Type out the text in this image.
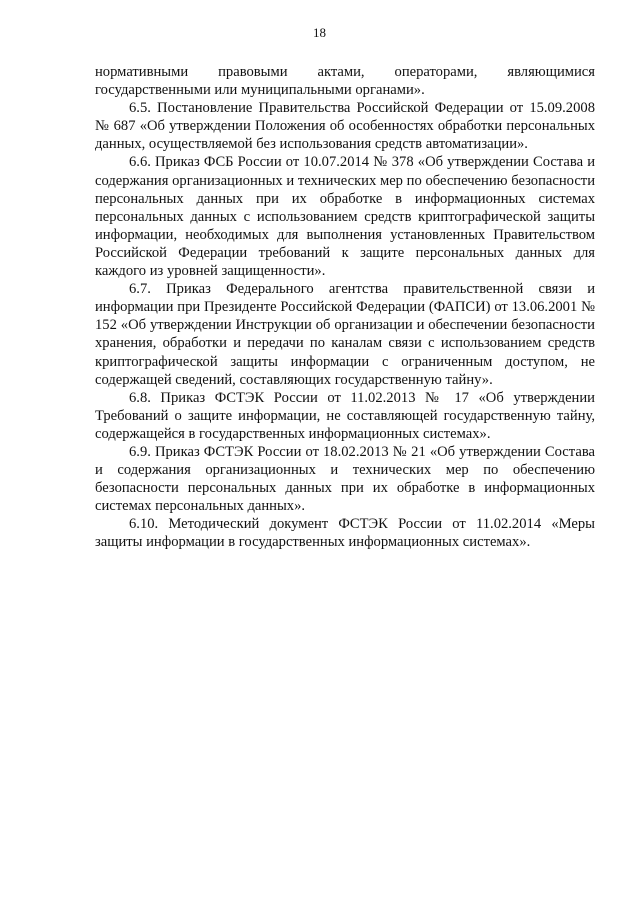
18

нормативными правовыми актами, операторами, являющимися государственными или муниципальными органами».

6.5. Постановление Правительства Российской Федерации от 15.09.2008 № 687 «Об утверждении Положения об особенностях обработки персональных данных, осуществляемой без использования средств автоматизации».

6.6. Приказ ФСБ России от 10.07.2014 № 378 «Об утверждении Состава и содержания организационных и технических мер по обеспечению безопасности персональных данных при их обработке в информационных системах персональных данных с использованием средств криптографической защиты информации, необходимых для выполнения установленных Правительством Российской Федерации требований к защите персональных данных для каждого из уровней защищенности».

6.7. Приказ Федерального агентства правительственной связи и информации при Президенте Российской Федерации (ФАПСИ) от 13.06.2001 № 152 «Об утверждении Инструкции об организации и обеспечении безопасности хранения, обработки и передачи по каналам связи с использованием средств криптографической защиты информации с ограниченным доступом, не содержащей сведений, составляющих государственную тайну».

6.8. Приказ ФСТЭК России от 11.02.2013 № 17 «Об утверждении Требований о защите информации, не составляющей государственную тайну, содержащейся в государственных информационных системах».

6.9. Приказ ФСТЭК России от 18.02.2013 № 21 «Об утверждении Состава и содержания организационных и технических мер по обеспечению безопасности персональных данных при их обработке в информационных системах персональных данных».

6.10. Методический документ ФСТЭК России от 11.02.2014 «Меры защиты информации в государственных информационных системах».
